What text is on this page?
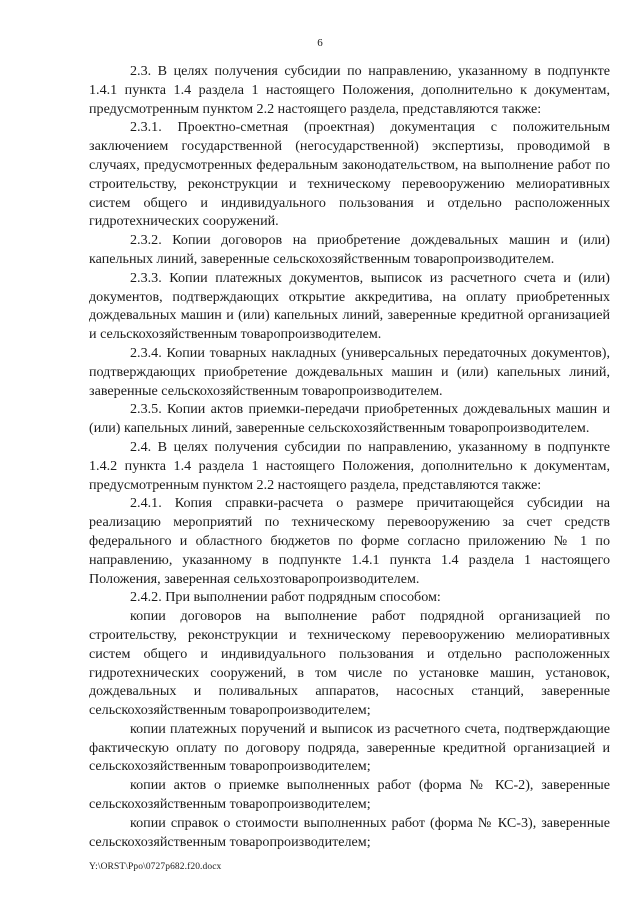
6

2.3. В целях получения субсидии по направлению, указанному в подпункте 1.4.1 пункта 1.4 раздела 1 настоящего Положения, дополнительно к документам, предусмотренным пунктом 2.2 настоящего раздела, представляются также:

2.3.1. Проектно-сметная (проектная) документация с положительным заключением государственной (негосударственной) экспертизы, проводимой в случаях, предусмотренных федеральным законодательством, на выполнение работ по строительству, реконструкции и техническому перевооружению мелиоративных систем общего и индивидуального пользования и отдельно расположенных гидротехнических сооружений.

2.3.2. Копии договоров на приобретение дождевальных машин и (или) капельных линий, заверенные сельскохозяйственным товаропроизводителем.

2.3.3. Копии платежных документов, выписок из расчетного счета и (или) документов, подтверждающих открытие аккредитива, на оплату приобретенных дождевальных машин и (или) капельных линий, заверенные кредитной организацией и сельскохозяйственным товаропроизводителем.

2.3.4. Копии товарных накладных (универсальных передаточных документов), подтверждающих приобретение дождевальных машин и (или) капельных линий, заверенные сельскохозяйственным товаропроизводителем.

2.3.5. Копии актов приемки-передачи приобретенных дождевальных машин и (или) капельных линий, заверенные сельскохозяйственным товаропроизводителем.

2.4. В целях получения субсидии по направлению, указанному в подпункте 1.4.2 пункта 1.4 раздела 1 настоящего Положения, дополнительно к документам, предусмотренным пунктом 2.2 настоящего раздела, представляются также:

2.4.1. Копия справки-расчета о размере причитающейся субсидии на реализацию мероприятий по техническому перевооружению за счет средств федерального и областного бюджетов по форме согласно приложению № 1 по направлению, указанному в подпункте 1.4.1 пункта 1.4 раздела 1 настоящего Положения, заверенная сельхозтоваропроизводителем.

2.4.2. При выполнении работ подрядным способом:

копии договоров на выполнение работ подрядной организацией по строительству, реконструкции и техническому перевооружению мелиоративных систем общего и индивидуального пользования и отдельно расположенных гидротехнических сооружений, в том числе по установке машин, установок, дождевальных и поливальных аппаратов, насосных станций, заверенные сельскохозяйственным товаропроизводителем;

копии платежных поручений и выписок из расчетного счета, подтверждающие фактическую оплату по договору подряда, заверенные кредитной организацией и сельскохозяйственным товаропроизводителем;

копии актов о приемке выполненных работ (форма № КС-2), заверенные сельскохозяйственным товаропроизводителем;

копии справок о стоимости выполненных работ (форма № КС-3), заверенные сельскохозяйственным товаропроизводителем;

Y:\ORST\Ppo\0727p682.f20.docx
